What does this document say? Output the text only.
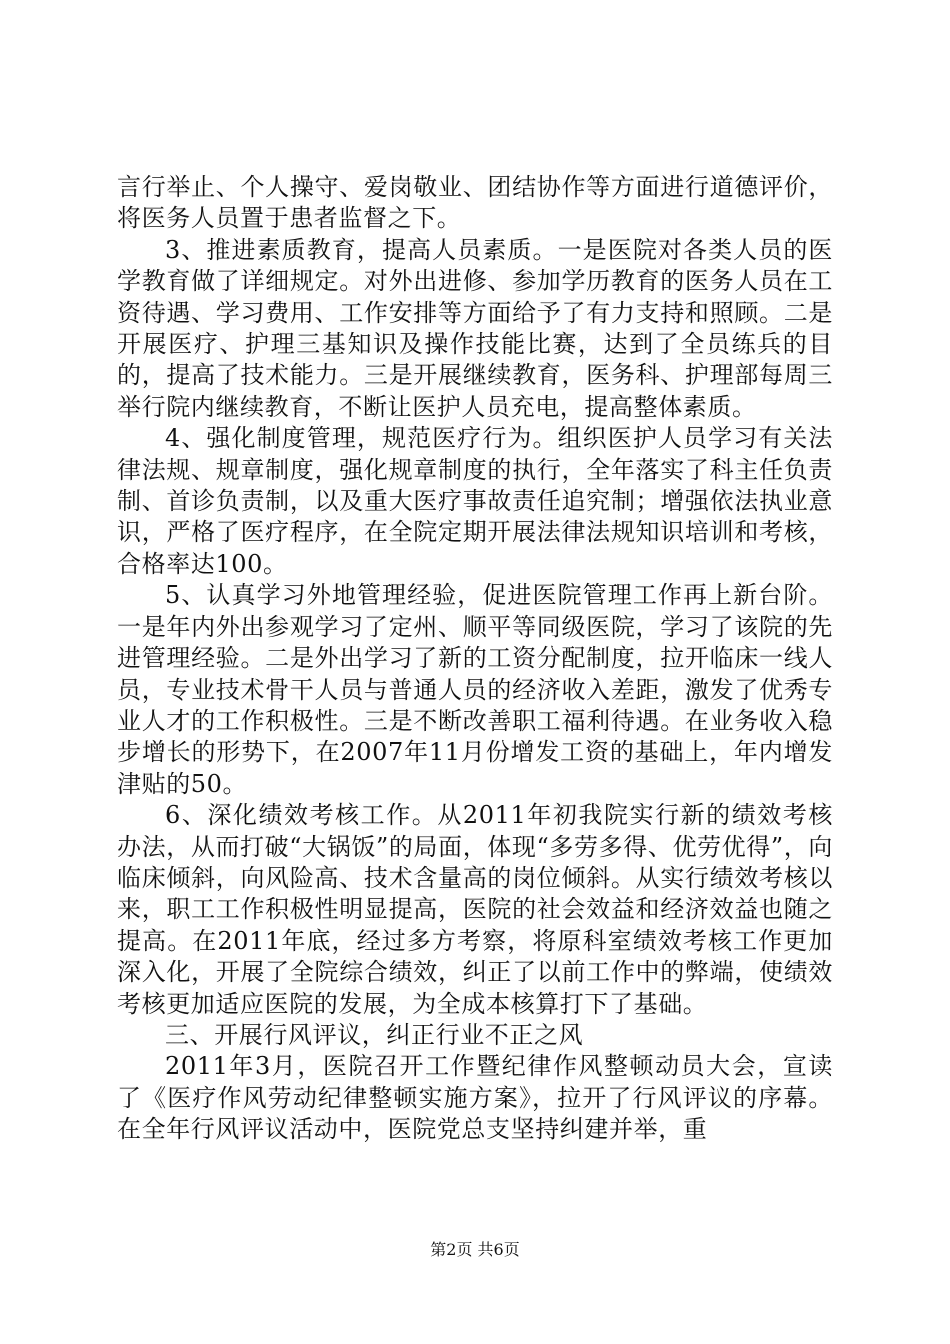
言行举止、个人操守、爱岗敬业、团结协作等方面进行道德评价，将医务人员置于患者监督之下。

3、推进素质教育，提高人员素质。一是医院对各类人员的医学教育做了详细规定。对外出进修、参加学历教育的医务人员在工资待遇、学习费用、工作安排等方面给予了有力支持和照顾。二是开展医疗、护理三基知识及操作技能比赛，达到了全员练兵的目的，提高了技术能力。三是开展继续教育，医务科、护理部每周三举行院内继续教育，不断让医护人员充电，提高整体素质。

4、强化制度管理，规范医疗行为。组织医护人员学习有关法律法规、规章制度，强化规章制度的执行，全年落实了科主任负责制、首诊负责制，以及重大医疗事故责任追究制；增强依法执业意识，严格了医疗程序，在全院定期开展法律法规知识培训和考核，合格率达100。

5、认真学习外地管理经验，促进医院管理工作再上新台阶。一是年内外出参观学习了定州、顺平等同级医院，学习了该院的先进管理经验。二是外出学习了新的工资分配制度，拉开临床一线人员，专业技术骨干人员与普通人员的经济收入差距，激发了优秀专业人才的工作积极性。三是不断改善职工福利待遇。在业务收入稳步增长的形势下，在2007年11月份增发工资的基础上，年内增发津贴的50。

6、深化绩效考核工作。从2011年初我院实行新的绩效考核办法，从而打破“大锅饭”的局面，体现“多劳多得、优劳优得”，向临床倾斜，向风险高、技术含量高的岗位倾斜。从实行绩效考核以来，职工工作积极性明显提高，医院的社会效益和经济效益也随之提高。在2011年底，经过多方考察，将原科室绩效考核工作更加深入化，开展了全院综合绩效，纠正了以前工作中的弊端，使绩效考核更加适应医院的发展，为全成本核算打下了基础。

三、开展行风评议，纠正行业不正之风

2011年3月，医院召开工作暨纪律作风整顿动员大会，宣读了《医疗作风劳动纪律整顿实施方案》，拉开了行风评议的序幕。在全年行风评议活动中，医院党总支坚持纠建并举，重

第2页 共6页
